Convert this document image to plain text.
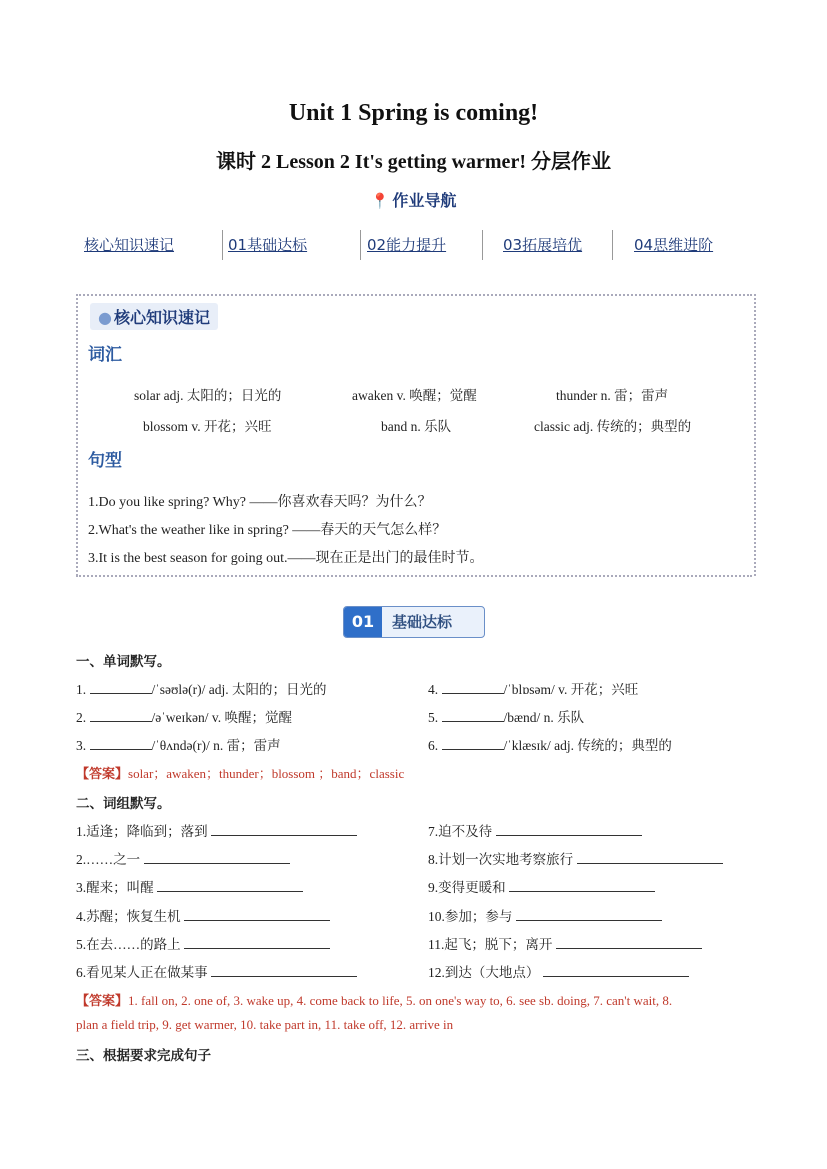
Unit 1 Spring is coming!
课时 2 Lesson 2 It's getting warmer! 分层作业
📍 作业导航
核心知识速记	01基础达标	02能力提升	03拓展培优	04思维进阶
● 核心知识速记
词汇
solar adj. 太阳的；日光的	awaken v. 唤醒；觉醒	thunder n. 雷；雷声
blossom v. 开花；兴旺	band n. 乐队	classic adj. 传统的；典型的
句型
1.Do you like spring? Why? ——你喜欢春天吗？为什么？
2.What's the weather like in spring? ——春天的天气怎么样？
3.It is the best season for going out.——现在正是出门的最佳时节。
01	基础达标
一、单词默写。
1.	/ˈsəʊlə(r)/ adj. 太阳的；日光的
2.	/əˈweɪkən/ v. 唤醒；觉醒
3.	/ˈθʌndə(r)/ n. 雷；雷声
4.	/ˈblɒsəm/ v. 开花；兴旺
5.	/bænd/ n. 乐队
6.	/ˈklæsɪk/ adj. 传统的；典型的
【答案】solar；awaken；thunder；blossom ；band；classic
二、词组默写。
1.适逢；降临到；落到
2.……之一
3.醒来；叫醒
4.苏醒；恢复生机
5.在去……的路上
6.看见某人正在做某事
7.迫不及待
8.计划一次实地考察旅行
9.变得更暖和
10.参加；参与
11.起飞；脱下；离开
12.到达（大地点）
【答案】1. fall on, 2. one of, 3. wake up, 4. come back to life, 5. on one's way to, 6. see sb. doing, 7. can't wait, 8.
plan a field trip, 9. get warmer, 10. take part in, 11. take off, 12. arrive in
三、根据要求完成句子
